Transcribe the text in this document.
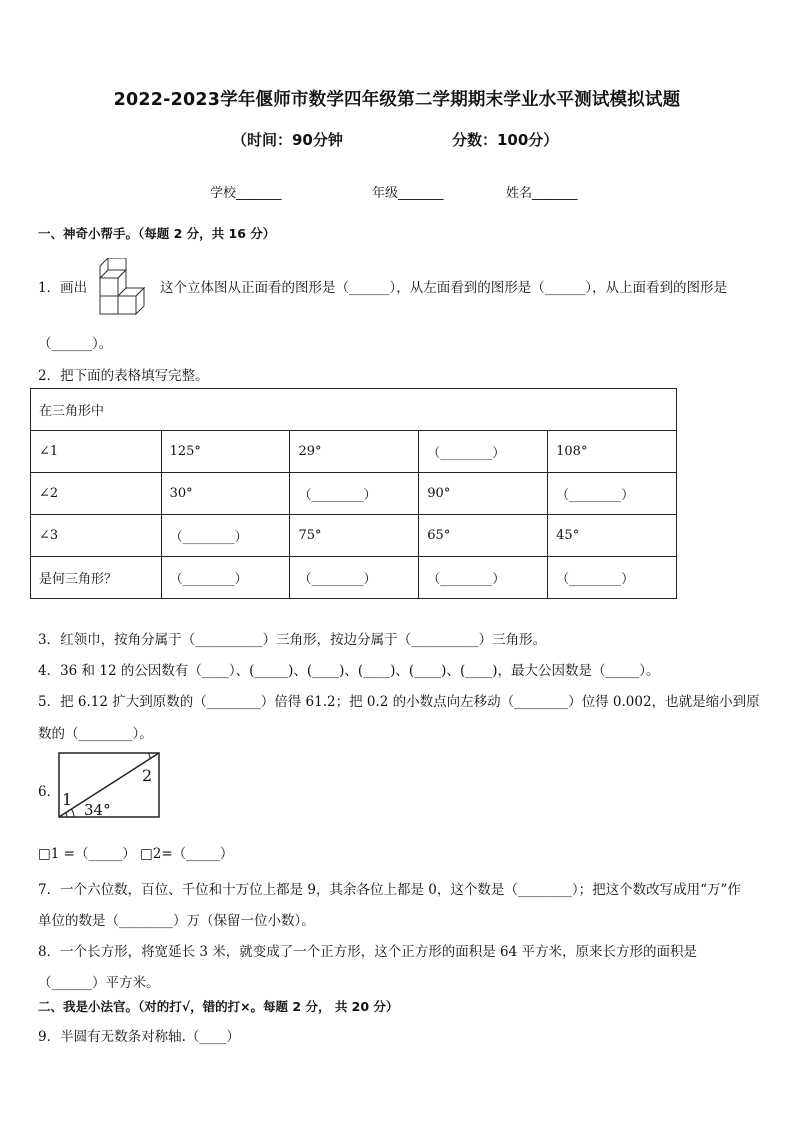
2022-2023学年偃师市数学四年级第二学期期末学业水平测试模拟试题
（时间：90分钟	分数：100分）
学校_______	年级_______	姓名_______
一、神奇小帮手。（每题 2 分，共 16 分）
1．画出	这个立体图从正面看的图形是（______），从左面看到的图形是（______），从上面看到的图形是
（______）。
2．把下面的表格填写完整。
在三角形中				
∠1	125°	29°	（________）	108°
∠2	30°	（________）	90°	（________）
∠3	（________）	75°	65°	45°
是何三角形？	（________）	（________）	（________）	（________）
3．红领巾，按角分属于（__________）三角形，按边分属于（__________）三角形。
4．36 和 12 的公因数有（____）、(_____)、(____)、(____)、(____)、(____)，最大公因数是（_____）。
5．把 6.12 扩大到原数的（________）倍得 61.2；把 0.2 的小数点向左移动（________）位得 0.002，也就是缩小到原
数的（________）。
6． 1
2
34°
□1 =（_____） □2=（_____）
7．一个六位数，百位、千位和十万位上都是 9，其余各位上都是 0，这个数是（________）；把这个数改写成用“万”作
单位的数是（________）万（保留一位小数）。
8．一个长方形，将宽延长 3 米，就变成了一个正方形，这个正方形的面积是 64 平方米，原来长方形的面积是
（______）平方米。
二、我是小法官。（对的打√，错的打×。每题 2 分， 共 20 分）
9．半圆有无数条对称轴.（____）
